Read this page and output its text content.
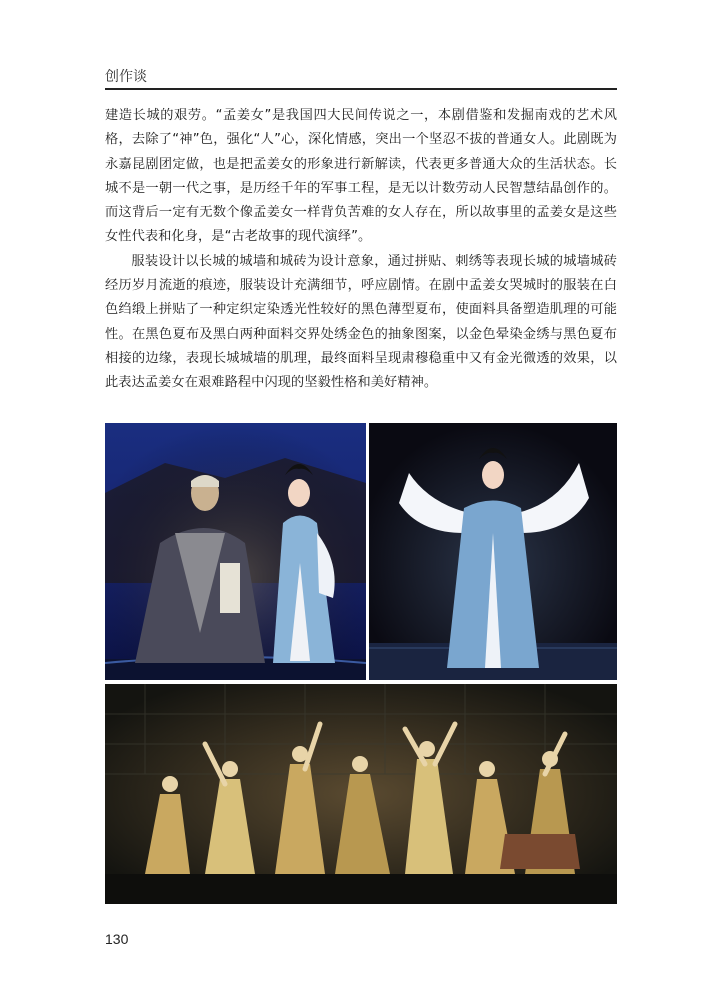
创作谈

建造长城的艰劳。“孟姜女”是我国四大民间传说之一，本剧借鉴和发掘南戏的艺术风格，去除了“神”色，强化“人”心，深化情感，突出一个坚忍不拔的普通女人。此剧既为永嘉昆剧团定做，也是把孟姜女的形象进行新解读，代表更多普通大众的生活状态。长城不是一朝一代之事，是历经千年的军事工程，是无以计数劳动人民智慧结晶创作的。而这背后一定有无数个像孟姜女一样背负苦难的女人存在，所以故事里的孟姜女是这些女性代表和化身，是“古老故事的现代演绎”。

服装设计以长城的城墙和城砖为设计意象，通过拼贴、刺绣等表现长城的城墙城砖经历岁月流逝的痕迹，服装设计充满细节，呼应剧情。在剧中孟姜女哭城时的服装在白色绉缎上拼贴了一种定织定染透光性较好的黑色薄型夏布，使面料具备塑造肌理的可能性。在黑色夏布及黑白两种面料交界处绣金色的抽象图案，以金色晕染金绣与黑色夏布相接的边缘，表现长城城墙的肌理，最终面料呈现肃穆稳重中又有金光微透的效果，以此表达孟姜女在艰难路程中闪现的坚毅性格和美好精神。

130
